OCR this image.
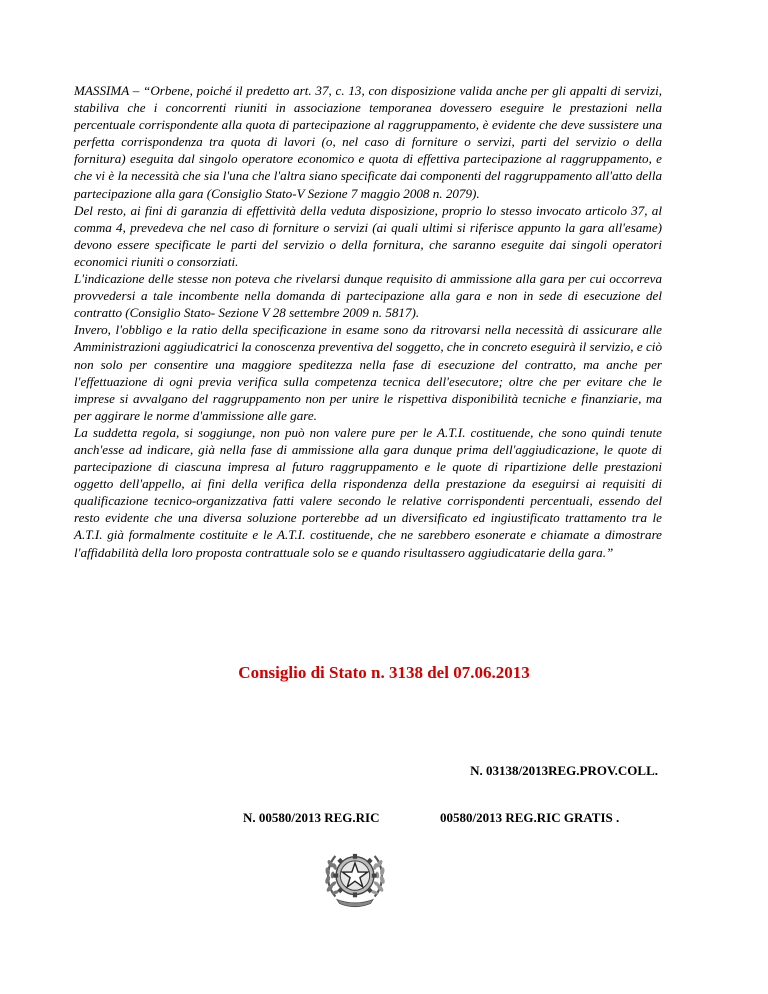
MASSIMA – “Orbene, poiché il predetto art. 37, c. 13, con disposizione valida anche per gli appalti di servizi, stabiliva che i concorrenti riuniti in associazione temporanea dovessero eseguire le prestazioni nella percentuale corrispondente alla quota di partecipazione al raggruppamento, è evidente che deve sussistere una perfetta corrispondenza tra quota di lavori (o, nel caso di forniture o servizi, parti del servizio o della fornitura) eseguita dal singolo operatore economico e quota di effettiva partecipazione al raggruppamento, e che vi è la necessità che sia l'una che l'altra siano specificate dai componenti del raggruppamento all'atto della partecipazione alla gara (Consiglio Stato-V Sezione 7 maggio 2008 n. 2079).

Del resto, ai fini di garanzia di effettività della veduta disposizione, proprio lo stesso invocato articolo 37, al comma 4, prevedeva che nel caso di forniture o servizi (ai quali ultimi si riferisce appunto la gara all'esame) devono essere specificate le parti del servizio o della fornitura, che saranno eseguite dai singoli operatori economici riuniti o consorziati.

L'indicazione delle stesse non poteva che rivelarsi dunque requisito di ammissione alla gara per cui occorreva provvedersi a tale incombente nella domanda di partecipazione alla gara e non in sede di esecuzione del contratto (Consiglio Stato- Sezione V 28 settembre 2009 n. 5817).

Invero, l'obbligo e la ratio della specificazione in esame sono da ritrovarsi nella necessità di assicurare alle Amministrazioni aggiudicatrici la conoscenza preventiva del soggetto, che in concreto eseguirà il servizio, e ciò non solo per consentire una maggiore speditezza nella fase di esecuzione del contratto, ma anche per l'effettuazione di ogni previa verifica sulla competenza tecnica dell'esecutore; oltre che per evitare che le imprese si avvalgano del raggruppamento non per unire le rispettiva disponibilità tecniche e finanziarie, ma per aggirare le norme d'ammissione alle gare.

La suddetta regola, si soggiunge, non può non valere pure per le A.T.I. costituende, che sono quindi tenute anch'esse ad indicare, già nella fase di ammissione alla gara dunque prima dell'aggiudicazione, le quote di partecipazione di ciascuna impresa al futuro raggruppamento e le quote di ripartizione delle prestazioni oggetto dell'appello, ai fini della verifica della rispondenza della prestazione da eseguirsi ai requisiti di qualificazione tecnico-organizzativa fatti valere secondo le relative corrispondenti percentuali, essendo del resto evidente che una diversa soluzione porterebbe ad un diversificato ed ingiustificato trattamento tra le A.T.I. già formalmente costituite e le A.T.I. costituende, che ne sarebbero esonerate e chiamate a dimostrare l'affidabilità della loro proposta contrattuale solo se e quando risultassero aggiudicatarie della gara.”

Consiglio di Stato n. 3138 del 07.06.2013
N. 03138/2013REG.PROV.COLL.
N. 00580/2013 REG.RIC	00580/2013 REG.RIC GRATIS .
